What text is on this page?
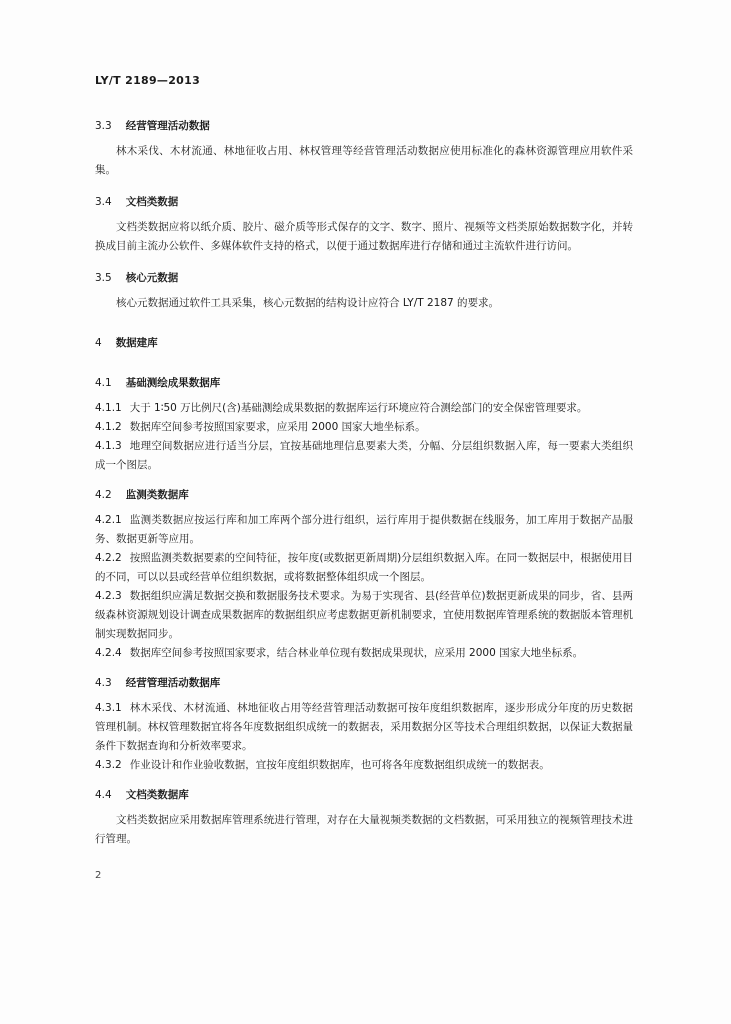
LY/T 2189—2013
3.3 经营管理活动数据

林木采伐、木材流通、林地征收占用、林权管理等经营管理活动数据应使用标准化的森林资源管理应用软件采集。

3.4 文档类数据

文档类数据应将以纸介质、胶片、磁介质等形式保存的文字、数字、照片、视频等文档类原始数据数字化，并转换成目前主流办公软件、多媒体软件支持的格式，以便于通过数据库进行存储和通过主流软件进行访问。

3.5 核心元数据

核心元数据通过软件工具采集，核心元数据的结构设计应符合 LY/T 2187 的要求。

4 数据建库
4.1 基础测绘成果数据库

4.1.1 大于 1∶50 万比例尺(含)基础测绘成果数据的数据库运行环境应符合测绘部门的安全保密管理要求。

4.1.2 数据库空间参考按照国家要求，应采用 2000 国家大地坐标系。

4.1.3 地理空间数据应进行适当分层，宜按基础地理信息要素大类，分幅、分层组织数据入库，每一要素大类组织成一个图层。

4.2 监测类数据库

4.2.1 监测类数据应按运行库和加工库两个部分进行组织，运行库用于提供数据在线服务，加工库用于数据产品服务、数据更新等应用。

4.2.2 按照监测类数据要素的空间特征，按年度(或数据更新周期)分层组织数据入库。在同一数据层中，根据使用目的不同，可以以县或经营单位组织数据，或将数据整体组织成一个图层。

4.2.3 数据组织应满足数据交换和数据服务技术要求。为易于实现省、县(经营单位)数据更新成果的同步，省、县两级森林资源规划设计调查成果数据库的数据组织应考虑数据更新机制要求，宜使用数据库管理系统的数据版本管理机制实现数据同步。

4.2.4 数据库空间参考按照国家要求，结合林业单位现有数据成果现状，应采用 2000 国家大地坐标系。

4.3 经营管理活动数据库

4.3.1 林木采伐、木材流通、林地征收占用等经营管理活动数据可按年度组织数据库，逐步形成分年度的历史数据管理机制。林权管理数据宜将各年度数据组织成统一的数据表，采用数据分区等技术合理组织数据，以保证大数据量条件下数据查询和分析效率要求。

4.3.2 作业设计和作业验收数据，宜按年度组织数据库，也可将各年度数据组织成统一的数据表。

4.4 文档类数据库

文档类数据应采用数据库管理系统进行管理，对存在大量视频类数据的文档数据，可采用独立的视频管理技术进行管理。

2
